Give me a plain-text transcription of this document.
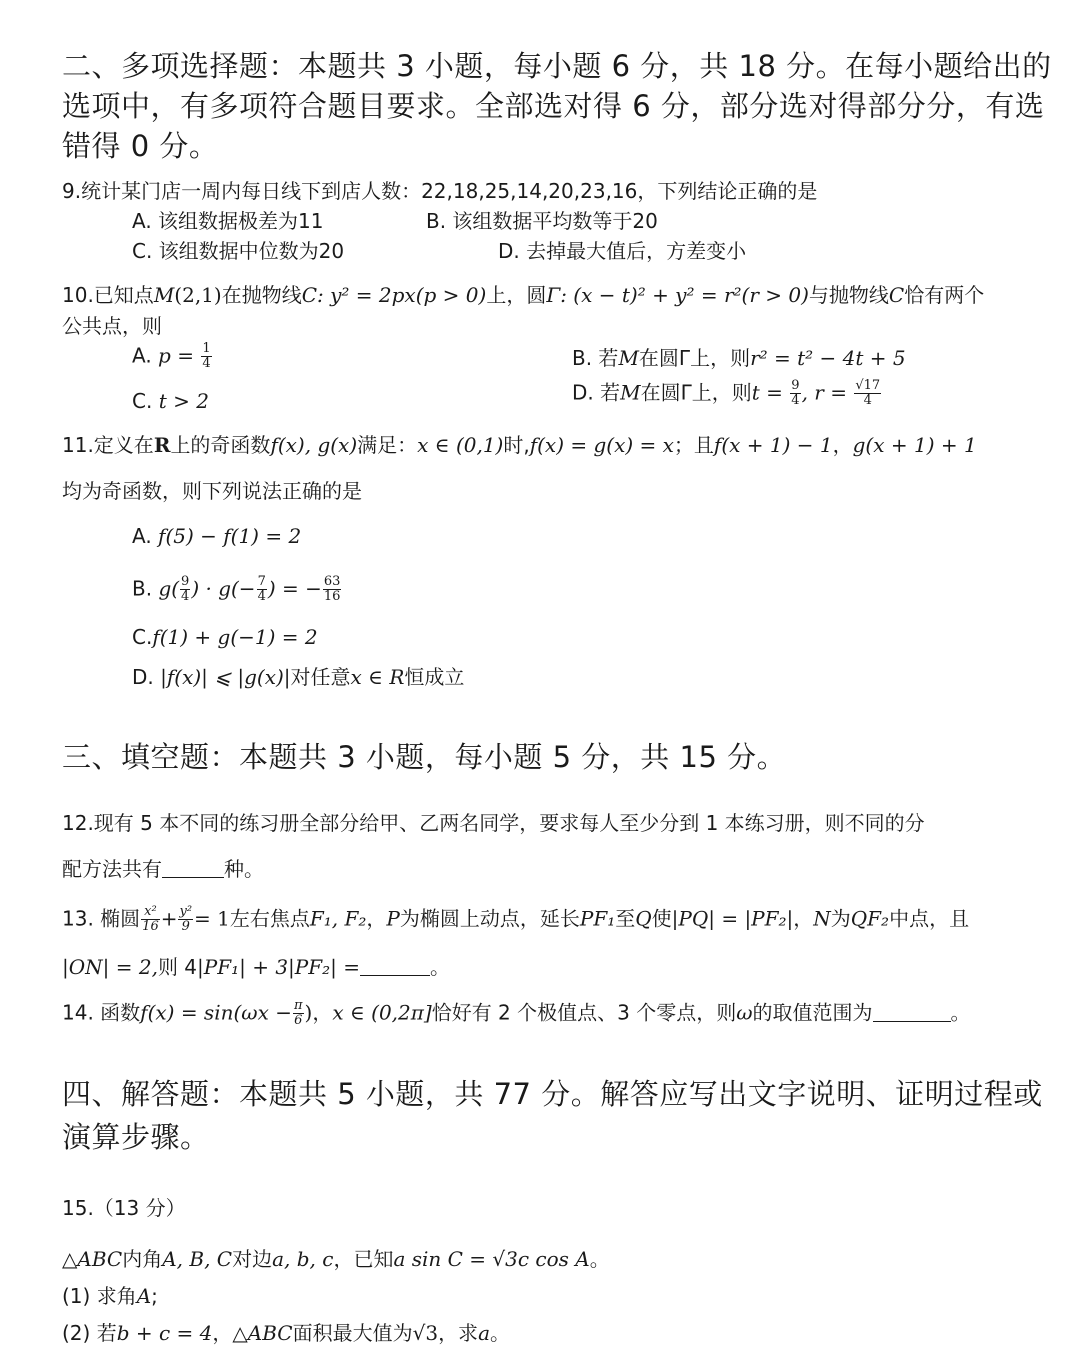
二、多项选择题：本题共 3 小题，每小题 6 分，共 18 分。在每小题给出的
选项中，有多项符合题目要求。全部选对得 6 分，部分选对得部分分，有选
错得 0 分。
9.统计某门店一周内每日线下到店人数：22,18,25,14,20,23,16，下列结论正确的是
A. 该组数据极差为11	B. 该组数据平均数等于20
C. 该组数据中位数为20	D. 去掉最大值后，方差变小
10.已知点M(2,1)在抛物线C: y² = 2px(p > 0)上，圆Γ: (x − t)² + y² = r²(r > 0)与抛物线C恰有两个
公共点，则
A. $p = \frac{1}{4}$	B. 若M在圆Γ上，则r² = t² − 4t + 5
C. t > 2	D. 若M在圆Γ上，则$t = \frac{9}{4}$ , $r = \frac{√17}{4}$
11.定义在R上的奇函数f(x), g(x)满足：x ∈ (0,1)时,f(x) = g(x) = x；且f(x + 1) − 1，g(x + 1) + 1
均为奇函数，则下列说法正确的是
A. f(5) − f(1) = 2
B. $g( \frac{9}{4}$ ) · $g(- \frac{7}{4}$ ) = − $\frac{63}{16}$
C.f(1) + g(−1) = 2
D. |f(x)| ⩽ |g(x)|对任意x ∈ R恒成立
三、填空题：本题共 3 小题，每小题 5 分，共 15 分。
12.现有 5 本不同的练习册全部分给甲、乙两名同学，要求每人至少分到 1 本练习册，则不同的分
配方法共有	种。
13. 椭圆 $\frac{\text{x²}}{16} + \frac{\text{y²}}{9} = 1$左右焦点F₁, F₂，P为椭圆上动点，延长PF₁至Q使|PQ| = |PF₂|，N为QF₂中点，且
|ON| = 2,则 4|PF₁| + 3|PF₂| =	。
14. 函数$f(x) = \sin(\omega x - \frac{\pi}{6}$ )，x ∈ (0,2π]恰好有 2 个极值点、3 个零点，则ω的取值范围为	。
四、解答题：本题共 5 小题，共 77 分。解答应写出文字说明、证明过程或
演算步骤。
15.（13 分）
△ABC内角A, B, C对边a, b, c，已知a sin C = √3c cos A。
(1) 求角A;
(2) 若b + c = 4，△ABC面积最大值为√3，求a。
